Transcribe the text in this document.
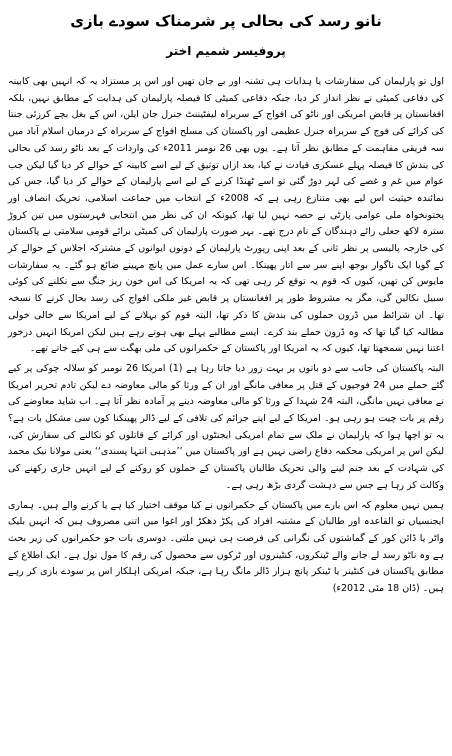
نانو رسد کی بحالی پر شرمناک سودے بازی
پروفیسر شمیم اختر

اول تو پارلیمان کی سفارشات یا ہدایات ہی تشنہ اور بے جان تھیں اور اس پر مستزاد یہ کہ انہیں بھی کابینہ کی دفاعی کمیٹی نے نظر انداز کر دیا، جبکہ دفاعی کمیٹی کا فیصلہ پارلیمان کی ہدایت کے مطابق نہیں، بلکہ افغانستان پر قابض امریکی اور ناٹو کی افواج کے سربراہ لیفٹیننٹ جنرل جان ایلن، اس کے بغل بچے کرزئی جنتا کی کرائے کی فوج کے سربراہ جنرل عظیمی اور پاکستان کی مسلح افواج کے سربراہ کے درمیان اسلام آباد میں سہ فریقی مفاہمت کے مطابق نظر آتا ہے۔ یوں بھی 26 نومبر 2011ء کی واردات کے بعد ناٹو رسد کی بحالی کی بندش کا فیصلہ پہلے عسکری قیادت نے کیا، بعد ازاں توثیق کے لیے اسے کابینہ کے حوالے کر دیا گیا لیکن جب عوام میں غم و غصے کی لہر دوڑ گئی تو اسے ٹھنڈا کرنے کے لیے اسے پارلیمان کے حوالے کر دیا گیا، جس کی نمائندہ حیثیت اس لیے بھی متنازع رہی ہے کہ 2008ء کے انتخاب میں جماعت اسلامی، تحریک انصاف اور پختونخواہ ملی عوامی پارٹی نے حصہ نہیں لیا تھا، کیونکہ ان کی نظر میں انتخابی فہرستوں میں تین کروڑ سترہ لاکھ جعلی رائے دہندگان کے نام درج تھے۔ بہر صورت پارلیمان کی کمیٹی برائے قومی سلامتی نے پاکستان کی خارجہ پالیسی پر نظر ثانی کے بعد اپنی رپورٹ پارلیمان کے دونوں ایوانوں کے مشترکہ اجلاس کے حوالے کر کے گویا ایک ناگوار بوجھ اپنے سر سے اتار پھینکا۔ اس سارے عمل میں پانچ مہینے ضائع ہو گئے۔ یہ سفارشات مایوس کن تھیں، کیوں کہ قوم یہ توقع کر رہی تھی کہ یہ امریکا کی اس خون ریز جنگ سے نکلنے کی کوئی سبیل نکالیں گی، مگر یہ مشروط طور پر افغانستان پر قابض غیر ملکی افواج کی رسد بحال کرنے کا نسخہ تھا۔ ان شرائط میں ڈرون حملوں کی بندش کا ذکر تھا، البتہ قوم کو بہلانے کے لیے امریکا سے خالی خولی مطالبہ کیا گیا تھا کہ وہ ڈرون حملے بند کرے۔ ایسے مطالبے پہلے بھی ہوتے رہے ہیں لیکن امریکا انہیں درخور اعتنا نہیں سمجھتا تھا، کیوں کہ یہ امریکا اور پاکستان کے حکمرانوں کی ملی بھگت سے ہی کیے جاتے تھے۔

البتہ پاکستان کی جانب سے دو باتوں پر بہت زور دیا جاتا رہا ہے (1) امریکا 26 نومبر کو سلالہ چوکی پر کیے گئے حملے میں 24 فوجیوں کے قتل پر معافی مانگے اور ان کے ورثا کو مالی معاوضہ دے لیکن تادم تحریر امریکا نے معافی نہیں مانگی، البتہ 24 شہدا کے ورثا کو مالی معاوضہ دینے پر آمادہ نظر آتا ہے۔ اب شاید معاوضے کی رقم پر بات چیت ہو رہی ہو۔ امریکا کے لیے اپنے جرائم کی تلافی کے لیے ڈالر پھینکنا کون سی مشکل بات ہے؟ یہ تو اچھا ہوا کہ پارلیمان نے ملک سے تمام امریکی ایجنٹوں اور کرائے کے قاتلوں کو نکالنے کی سفارش کی، لیکن اس پر امریکی محکمہ دفاع راضی نہیں ہے اور پاکستان میں ’’مذہبی انتہا پسندی‘‘ یعنی مولانا نیک محمد کی شہادت کے بعد جنم لینے والی تحریک طالبان پاکستان کے حملوں کو روکنے کے لیے انہیں جاری رکھنے کی وکالت کر رہا ہے جس سے دہشت گردی بڑھ رہی ہے۔

ہمیں نہیں معلوم کہ اس بارے میں پاکستان کے حکمرانوں نے کیا موقف اختیار کیا ہے یا کرنے والے ہیں۔ ہماری ایجنسیاں تو القاعدہ اور طالبان کے مشتبہ افراد کی پکڑ دھکڑ اور اغوا میں اتنی مصروف ہیں کہ انہیں بلیک واٹر یا ڈائن کور کے گماشتوں کی نگرانی کی فرصت ہی نہیں ملتی۔ دوسری بات جو حکمرانوں کی زیر بحث ہے وہ ناٹو رسد لے جانے والے ٹینکروں، کنٹینروں اور ٹرکوں سے محصول کی رقم کا مول تول ہے۔ ایک اطلاع کے مطابق پاکستان فی کنٹینر یا ٹینکر پانچ ہزار ڈالر مانگ رہا ہے، جبکہ امریکی اہلکار اس پر سودے بازی کر رہے ہیں۔ (ڈان 18 مئی 2012ء)
